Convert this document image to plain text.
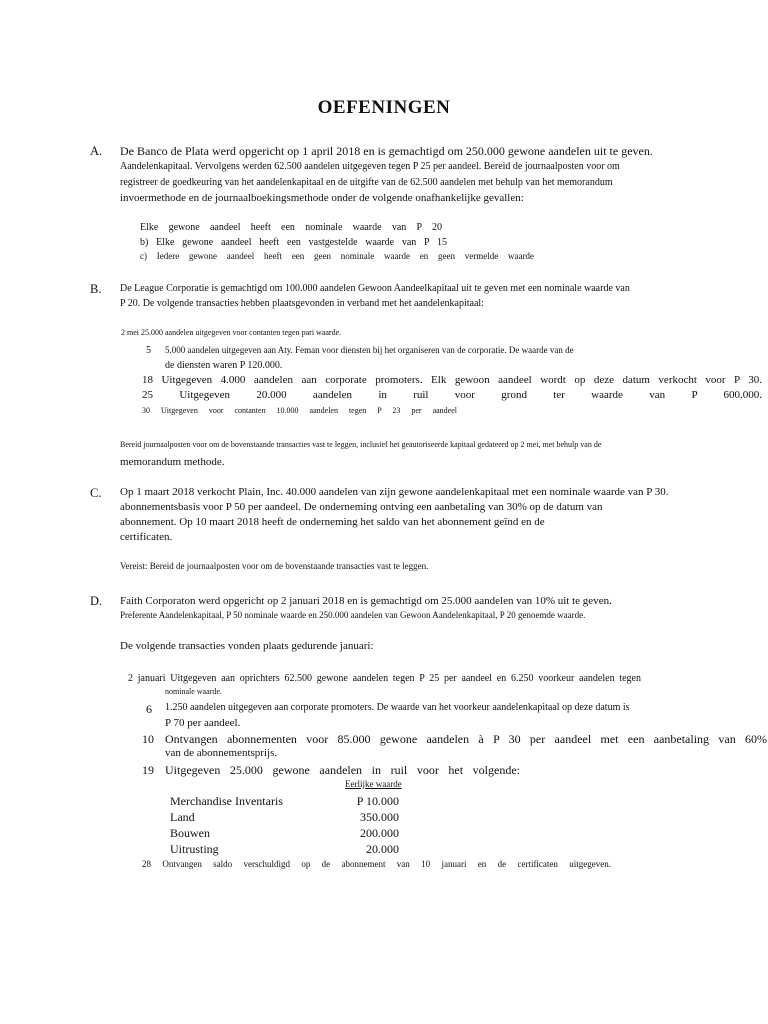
OEFENINGEN
A. De Banco de Plata werd opgericht op 1 april 2018 en is gemachtigd om 250.000 gewone aandelen uit te geven.
Aandelenkapitaal. Vervolgens werden 62.500 aandelen uitgegeven tegen P 25 per aandeel. Bereid de journaalposten voor om
registreer de goedkeuring van het aandelenkapitaal en de uitgifte van de 62.500 aandelen met behulp van het memorandum
invoermethode en de journaalboekingsmethode onder de volgende onafhankelijke gevallen:
Elke gewone aandeel heeft een nominale waarde van P 20
b) Elke gewone aandeel heeft een vastgestelde waarde van P 15
c) Iedere gewone aandeel heeft een geen nominale waarde en geen vermelde waarde
B. De League Corporatie is gemachtigd om 100.000 aandelen Gewoon Aandeelkapitaal uit te geven met een nominale waarde van
P 20. De volgende transacties hebben plaatsgevonden in verband met het aandelenkapitaal:
2 mei 25.000 aandelen uitgegeven voor contanten tegen pari waarde.
5 5.000 aandelen uitgegeven aan Aty. Feman voor diensten bij het organiseren van de corporatie. De waarde van de
de diensten waren P 120.000.
18 Uitgegeven 4.000 aandelen aan corporate promoters. Elk gewoon aandeel wordt op deze datum verkocht voor P 30.
25 Uitgegeven 20.000 aandelen in ruil voor grond ter waarde van P 600.000.
30 Uitgegeven voor contanten 10.000 aandelen tegen P 23 per aandeel
Bereid journaalposten voor om de bovenstaande transacties vast te leggen, inclusief het geautoriseerde kapitaal gedateerd op 2 mei, met behulp van de
memorandum methode.
C. Op 1 maart 2018 verkocht Plain, Inc. 40.000 aandelen van zijn gewone aandelenkapitaal met een nominale waarde van P 30.
abonnementsbasis voor P 50 per aandeel. De onderneming ontving een aanbetaling van 30% op de datum van
abonnement. Op 10 maart 2018 heeft de onderneming het saldo van het abonnement geïnd en de
certificaten.
Vereist: Bereid de journaalposten voor om de bovenstaande transacties vast te leggen.
D. Faith Corporaton werd opgericht op 2 januari 2018 en is gemachtigd om 25.000 aandelen van 10% uit te geven.
Preferente Aandelenkapitaal, P 50 nominale waarde en 250.000 aandelen van Gewoon Aandelenkapitaal, P 20 genoemde waarde.
De volgende transacties vonden plaats gedurende januari:
2 januari Uitgegeven aan oprichters 62.500 gewone aandelen tegen P 25 per aandeel en 6.250 voorkeur aandelen tegen
nominale waarde.
6 1.250 aandelen uitgegeven aan corporate promoters. De waarde van het voorkeur aandelenkapitaal op deze datum is
P 70 per aandeel.
10 Ontvangen abonnementen voor 85.000 gewone aandelen à P 30 per aandeel met een aanbetaling van 60%
van de abonnementsprijs.
19 Uitgegeven 25.000 gewone aandelen in ruil voor het volgende:
Eerlijke waarde
Merchandise Inventaris	P 10.000
Land	350.000
Bouwen	200.000
Uitrusting	20.000
28 Ontvangen saldo verschuldigd op de abonnement van 10 januari en de certificaten uitgegeven.
